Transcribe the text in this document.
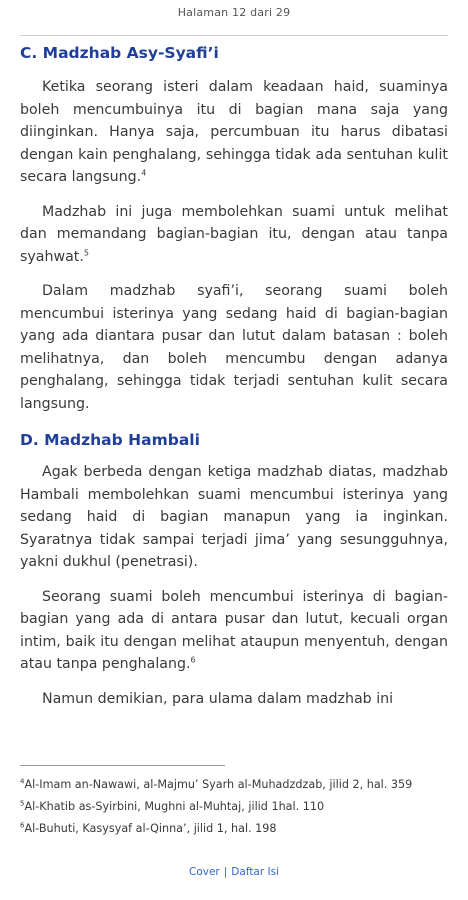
Halaman 12 dari 29
C. Madzhab Asy-Syafi’i

Ketika seorang isteri dalam keadaan haid, suaminya boleh mencumbuinya itu di bagian mana saja yang diinginkan. Hanya saja, percumbuan itu harus dibatasi dengan kain penghalang, sehingga tidak ada sentuhan kulit secara langsung.$^4$

Madzhab ini juga membolehkan suami untuk melihat dan memandang bagian-bagian itu, dengan atau tanpa syahwat.$^5$

Dalam madzhab syafi’i, seorang suami boleh mencumbui isterinya yang sedang haid di bagian-bagian yang ada diantara pusar dan lutut dalam batasan : boleh melihatnya, dan boleh mencumbu dengan adanya penghalang, sehingga tidak terjadi sentuhan kulit secara langsung.

D. Madzhab Hambali

Agak berbeda dengan ketiga madzhab diatas, madzhab Hambali membolehkan suami mencumbui isterinya yang sedang haid di bagian manapun yang ia inginkan. Syaratnya tidak sampai terjadi jima’ yang sesungguhnya, yakni dukhul (penetrasi).

Seorang suami boleh mencumbui isterinya di bagian-bagian yang ada di antara pusar dan lutut, kecuali organ intim, baik itu dengan melihat ataupun menyentuh, dengan atau tanpa penghalang.$^6$

Namun demikian, para ulama dalam madzhab ini

$^4$Al-Imam an-Nawawi, al-Majmu’ Syarh al-Muhadzdzab, jilid 2, hal. 359
$^5$Al-Khatib as-Syirbini, Mughni al-Muhtaj, jilid 1hal. 110
$^6$Al-Buhuti, Kasysyaf al-Qinna’, jilid 1, hal. 198
Cover | Daftar Isi
